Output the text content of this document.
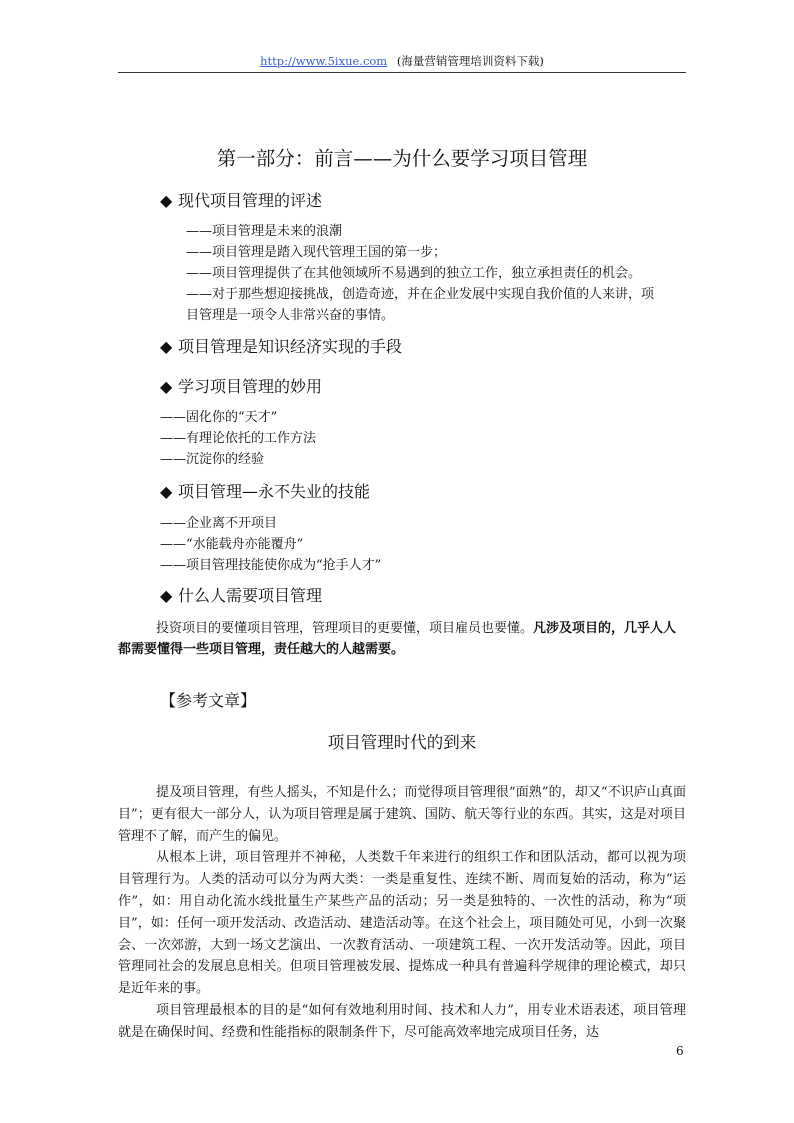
http://www.5ixue.com (海量营销管理培训资料下载)
第一部分：前言——为什么要学习项目管理
◆ 现代项目管理的评述
——项目管理是未来的浪潮
——项目管理是踏入现代管理王国的第一步；
——项目管理提供了在其他领域所不易遇到的独立工作，独立承担责任的机会。
——对于那些想迎接挑战，创造奇迹，并在企业发展中实现自我价值的人来讲，项
目管理是一项令人非常兴奋的事情。
◆ 项目管理是知识经济实现的手段
◆ 学习项目管理的妙用
——固化你的“天才”
——有理论依托的工作方法
——沉淀你的经验
◆ 项目管理—永不失业的技能
——企业离不开项目
——“水能载舟亦能覆舟”
——项目管理技能使你成为“抢手人才”
◆ 什么人需要项目管理
投资项目的要懂项目管理，管理项目的更要懂，项目雇员也要懂。凡涉及项目的，几乎人人都需要懂得一些项目管理，责任越大的人越需要。
【参考文章】
项目管理时代的到来

提及项目管理，有些人摇头，不知是什么；而觉得项目管理很“面熟”的，却又“不识庐山真面目”；更有很大一部分人，认为项目管理是属于建筑、国防、航天等行业的东西。其实，这是对项目管理不了解，而产生的偏见。

从根本上讲，项目管理并不神秘，人类数千年来进行的组织工作和团队活动，都可以视为项目管理行为。人类的活动可以分为两大类：一类是重复性、连续不断、周而复始的活动，称为“运作”，如：用自动化流水线批量生产某些产品的活动；另一类是独特的、一次性的活动，称为“项目”，如：任何一项开发活动、改造活动、建造活动等。在这个社会上，项目随处可见，小到一次聚会、一次郊游，大到一场文艺演出、一次教育活动、一项建筑工程、一次开发活动等。因此，项目管理同社会的发展息息相关。但项目管理被发展、提炼成一种具有普遍科学规律的理论模式，却只是近年来的事。

项目管理最根本的目的是“如何有效地利用时间、技术和人力”，用专业术语表述，项目管理就是在确保时间、经费和性能指标的限制条件下，尽可能高效率地完成项目任务，达

6
